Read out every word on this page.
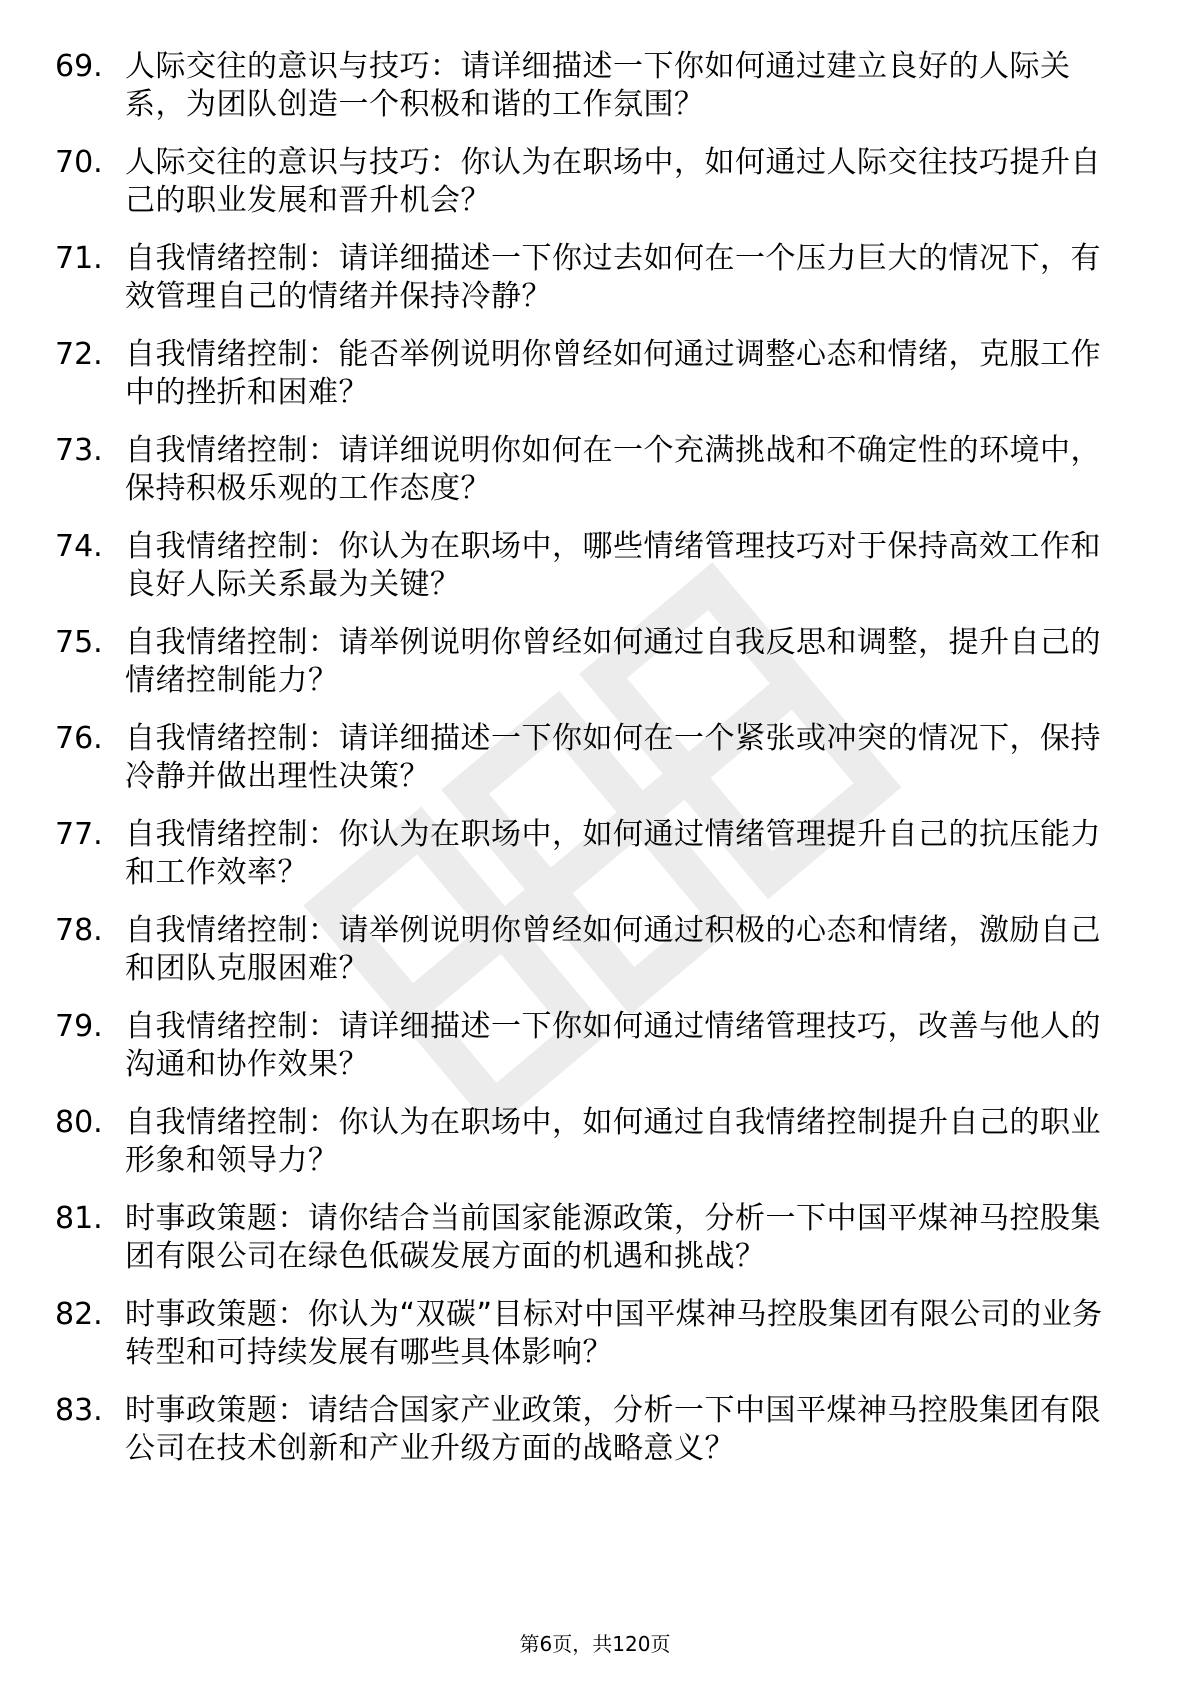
69. 人际交往的意识与技巧：请详细描述一下你如何通过建立良好的人际关系，为团队创造一个积极和谐的工作氛围？
70. 人际交往的意识与技巧：你认为在职场中，如何通过人际交往技巧提升自己的职业发展和晋升机会？
71. 自我情绪控制：请详细描述一下你过去如何在一个压力巨大的情况下，有效管理自己的情绪并保持冷静？
72. 自我情绪控制：能否举例说明你曾经如何通过调整心态和情绪，克服工作中的挫折和困难？
73. 自我情绪控制：请详细说明你如何在一个充满挑战和不确定性的环境中，保持积极乐观的工作态度？
74. 自我情绪控制：你认为在职场中，哪些情绪管理技巧对于保持高效工作和良好人际关系最为关键？
75. 自我情绪控制：请举例说明你曾经如何通过自我反思和调整，提升自己的情绪控制能力？
76. 自我情绪控制：请详细描述一下你如何在一个紧张或冲突的情况下，保持冷静并做出理性决策？
77. 自我情绪控制：你认为在职场中，如何通过情绪管理提升自己的抗压能力和工作效率？
78. 自我情绪控制：请举例说明你曾经如何通过积极的心态和情绪，激励自己和团队克服困难？
79. 自我情绪控制：请详细描述一下你如何通过情绪管理技巧，改善与他人的沟通和协作效果？
80. 自我情绪控制：你认为在职场中，如何通过自我情绪控制提升自己的职业形象和领导力？
81. 时事政策题：请你结合当前国家能源政策，分析一下中国平煤神马控股集团有限公司在绿色低碳发展方面的机遇和挑战？
82. 时事政策题：你认为“双碳”目标对中国平煤神马控股集团有限公司的业务转型和可持续发展有哪些具体影响？
83. 时事政策题：请结合国家产业政策，分析一下中国平煤神马控股集团有限公司在技术创新和产业升级方面的战略意义？
第6页，共120页
